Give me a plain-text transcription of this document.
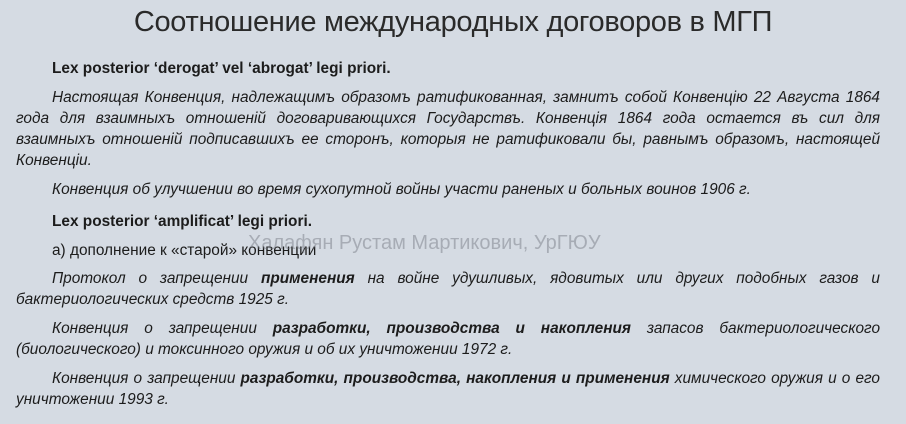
Соотношение международных договоров в МГП

Lex posterior ‘derogat’ vel ‘abrogat’ legi priori.

Настоящая Конвенция, надлежащимъ образомъ ратификованная, замнитъ собой Конвенцію 22 Августа 1864 года для взаимныхъ отношеній договаривающихся Государствъ. Конвенція 1864 года остается въ сил для взаимныхъ отношеній подписавшихъ ее сторонъ, которыя не ратификовали бы, равнымъ образомъ, настоящей Конвенціи.

Конвенция об улучшении во время сухопутной войны участи раненых и больных воинов 1906 г.

Lex posterior ‘amplificat’ legi priori.

а) дополнение к «старой» конвенции

Протокол о запрещении применения на войне удушливых, ядовитых или других подобных газов и бактериологических средств 1925 г.

Конвенция о запрещении разработки, производства и накопления запасов бактериологического (биологического) и токсинного оружия и об их уничтожении 1972 г.

Конвенция о запрещении разработки, производства, накопления и применения химического оружия и о его уничтожении 1993 г.

Халафян Рустам Мартикович, УрГЮУ
